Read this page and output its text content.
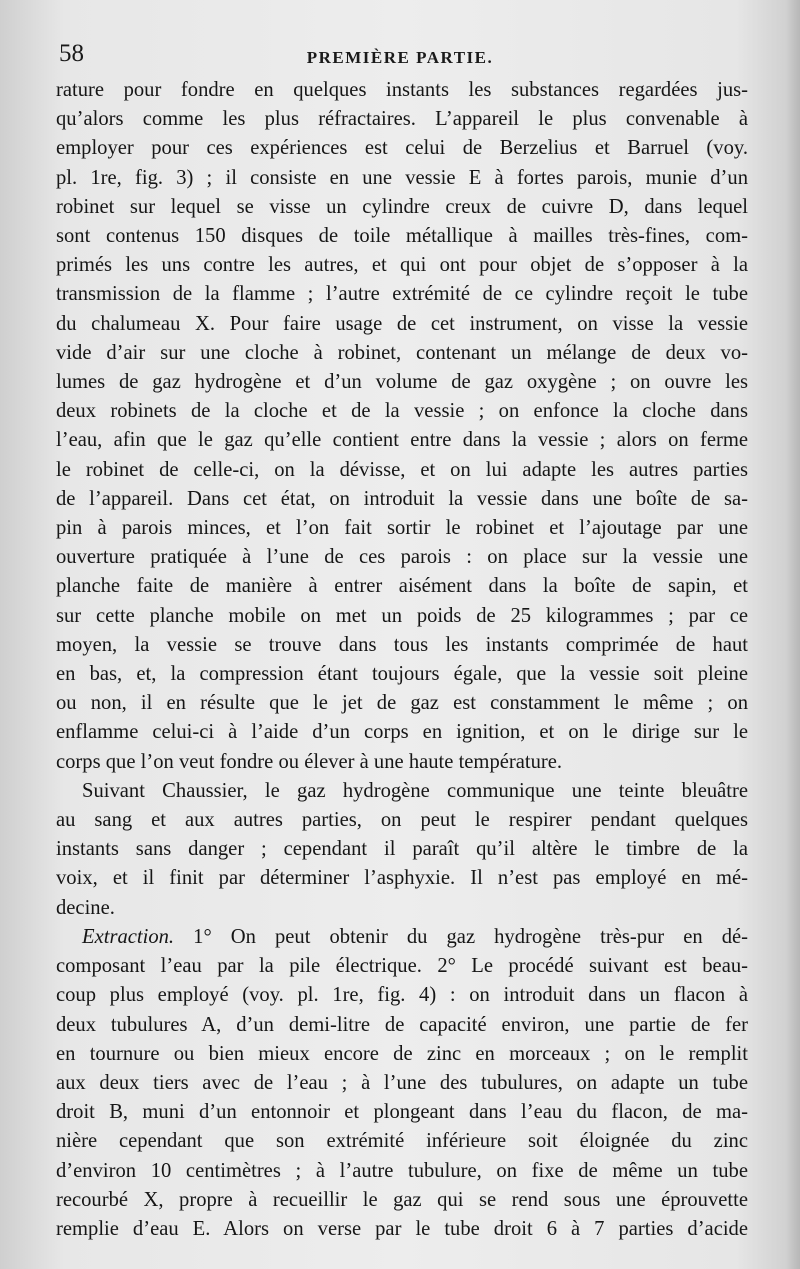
58	PREMIÈRE PARTIE.

rature pour fondre en quelques instants les substances regardées jus-

qu’alors comme les plus réfractaires. L’appareil le plus convenable à

employer pour ces expériences est celui de Berzelius et Barruel (voy.

pl. 1re, fig. 3) ; il consiste en une vessie E à fortes parois, munie d’un

robinet sur lequel se visse un cylindre creux de cuivre D, dans lequel

sont contenus 150 disques de toile métallique à mailles très-fines, com-

primés les uns contre les autres, et qui ont pour objet de s’opposer à la

transmission de la flamme ; l’autre extrémité de ce cylindre reçoit le tube

du chalumeau X. Pour faire usage de cet instrument, on visse la vessie

vide d’air sur une cloche à robinet, contenant un mélange de deux vo-

lumes de gaz hydrogène et d’un volume de gaz oxygène ; on ouvre les

deux robinets de la cloche et de la vessie ; on enfonce la cloche dans

l’eau, afin que le gaz qu’elle contient entre dans la vessie ; alors on ferme

le robinet de celle-ci, on la dévisse, et on lui adapte les autres parties

de l’appareil. Dans cet état, on introduit la vessie dans une boîte de sa-

pin à parois minces, et l’on fait sortir le robinet et l’ajoutage par une

ouverture pratiquée à l’une de ces parois : on place sur la vessie une

planche faite de manière à entrer aisément dans la boîte de sapin, et

sur cette planche mobile on met un poids de 25 kilogrammes ; par ce

moyen, la vessie se trouve dans tous les instants comprimée de haut

en bas, et, la compression étant toujours égale, que la vessie soit pleine

ou non, il en résulte que le jet de gaz est constamment le même ; on

enflamme celui-ci à l’aide d’un corps en ignition, et on le dirige sur le

corps que l’on veut fondre ou élever à une haute température.

Suivant Chaussier, le gaz hydrogène communique une teinte bleuâtre

au sang et aux autres parties, on peut le respirer pendant quelques

instants sans danger ; cependant il paraît qu’il altère le timbre de la

voix, et il finit par déterminer l’asphyxie. Il n’est pas employé en mé-

decine.

Extraction. 1° On peut obtenir du gaz hydrogène très-pur en dé-

composant l’eau par la pile électrique. 2° Le procédé suivant est beau-

coup plus employé (voy. pl. 1re, fig. 4) : on introduit dans un flacon à

deux tubulures A, d’un demi-litre de capacité environ, une partie de fer

en tournure ou bien mieux encore de zinc en morceaux ; on le remplit

aux deux tiers avec de l’eau ; à l’une des tubulures, on adapte un tube

droit B, muni d’un entonnoir et plongeant dans l’eau du flacon, de ma-

nière cependant que son extrémité inférieure soit éloignée du zinc

d’environ 10 centimètres ; à l’autre tubulure, on fixe de même un tube

recourbé X, propre à recueillir le gaz qui se rend sous une éprouvette

remplie d’eau E. Alors on verse par le tube droit 6 à 7 parties d’acide
